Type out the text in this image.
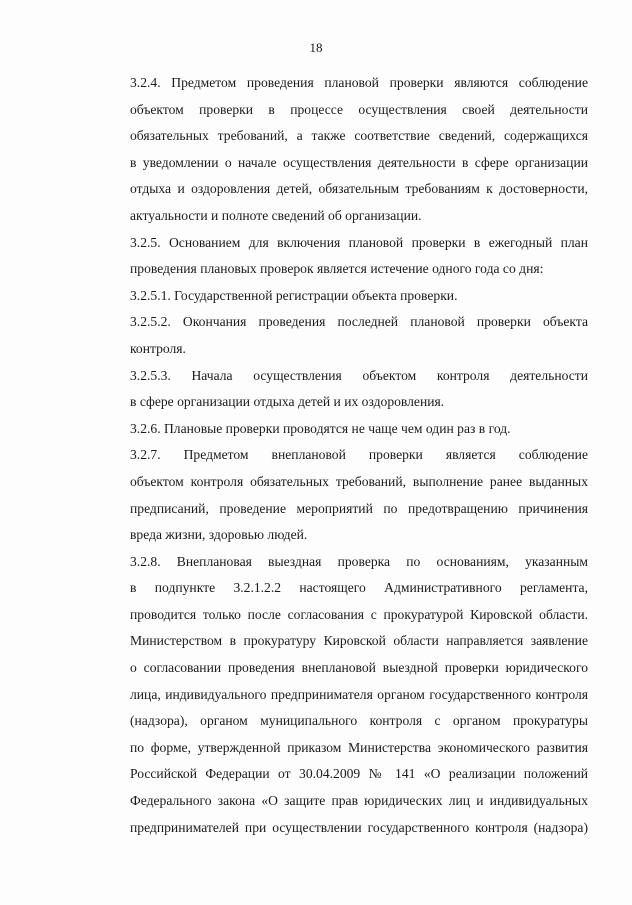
18
3.2.4. Предметом проведения плановой проверки являются соблюдение
объектом проверки в процессе осуществления своей деятельности
обязательных требований, а также соответствие сведений, содержащихся
в уведомлении о начале осуществления деятельности в сфере организации
отдыха и оздоровления детей, обязательным требованиям к достоверности,
актуальности и полноте сведений об организации.
3.2.5. Основанием для включения плановой проверки в ежегодный план
проведения плановых проверок является истечение одного года со дня:
3.2.5.1. Государственной регистрации объекта проверки.
3.2.5.2. Окончания проведения последней плановой проверки объекта
контроля.
3.2.5.3. Начала осуществления объектом контроля деятельности
в сфере организации отдыха детей и их оздоровления.
3.2.6. Плановые проверки проводятся не чаще чем один раз в год.
3.2.7. Предметом внеплановой проверки является соблюдение
объектом контроля обязательных требований, выполнение ранее выданных
предписаний, проведение мероприятий по предотвращению причинения
вреда жизни, здоровью людей.
3.2.8. Внеплановая выездная проверка по основаниям, указанным
в подпункте 3.2.1.2.2 настоящего Административного регламента,
проводится только после согласования с прокуратурой Кировской области.
Министерством в прокуратуру Кировской области направляется заявление
о согласовании проведения внеплановой выездной проверки юридического
лица, индивидуального предпринимателя органом государственного контроля
(надзора), органом муниципального контроля с органом прокуратуры
по форме, утвержденной приказом Министерства экономического развития
Российской Федерации от 30.04.2009 № 141 «О реализации положений
Федерального закона «О защите прав юридических лиц и индивидуальных
предпринимателей при осуществлении государственного контроля (надзора)
